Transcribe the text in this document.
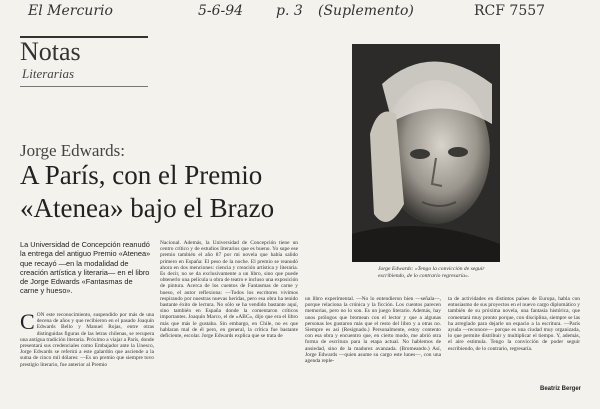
El Mercurio	5-6-94 p. 3 (Suplemento)	RCF 7557
Notas
Literarias
Jorge Edwards:
A París, con el Premio
«Atenea» bajo el Brazo
Jorge Edwards: «Tengo la convicción de seguir escribiendo, de lo contrario regresaría».
La Universidad de Concepción reanudó la entrega del antiguo Premio «Atenea» que recayó —en la modalidad de creación artística y literaria— en el libro de Jorge Edwards «Fantasmas de carne y hueso».
C ON este reconocimiento, suspendido por más de una decena de años y que recibieron en el pasado Joaquín Edwards Bello y Manuel Rojas, entre otras distinguidas figuras de las letras chilenas, se recupera una antigua tradición literaria. Próximo a viajar a París, donde presentará sus credenciales como Embajador ante la Unesco, Jorge Edwards se referirá a este galardón que asciende a la suma de cinco mil dólares: —Es un premio que siempre tuvo prestigio literario, fue anterior al Premio
Nacional. Además, la Universidad de Concepción tiene un centro crítico y de estudios literarios que es bueno. Yo supe ese premio también el año 87 por mi novela que había salido primero en España: El peso de la noche. El premio se reanudó ahora en dos menciones: ciencia y creación artística y literaria. Es decir, no se da exclusivamente a un libro, sino que puede obtenerlo una película u obra de teatro e incluso una exposición de pintura. Acerca de los cuentos de Fantasmas de carne y hueso, el autor reflexiona: —Todos los escritores vivimos respirando por nuestras nuevas heridas, pero esa obra ha tenido bastante éxito de lectura. No sólo se ha vendido bastante aquí, sino también en España donde la comentaron críticos importantes. Joaquín Marco, el de «ABC», dijo que era el libro más que más le gustaba. Sin embargo, en Chile, no es que hablaran mal de él pero, en general, la crítica fue bastante deficiente, escolar. Jorge Edwards explica que se trata de
un libro experimental. —No lo entendieron bien —señala—, porque relaciona la crónica y la ficción. Los cuentos parecen memorias, pero no lo son. Es un juego literario. Además, hay unos prólogos que bromean con el lector y que a algunas personas les gustaron más que el resto del libro y a otras no. Siempre es así (Resignado.) Personalmente, estoy contento con esa obra y encuentro que, en cierto modo, me abrió otra forma de escritura para la etapa actual. No hablemos de ansiedad, sino de la madurez avanzada. (Bromeando.) Así, Jorge Edwards —quien asume su cargo este lunes—, con una agenda reple-
ta de actividades en distintos países de Europa, habla con entusiasmo de sus proyectos en el nuevo cargo diplomático y también de su próxima novela, una fantasía histórica, que comentará muy pronto porque, con disciplina, siempre se las ha arreglado para dejarle un espacio a la escritura. —París ayuda —reconoce— porque es una ciudad muy organizada, lo que permite distribuir y multiplicar el tiempo. Y, además, el aire estimula. Tengo la convicción de poder seguir escribiendo, de lo contrario, regresaría.
Beatriz Berger
